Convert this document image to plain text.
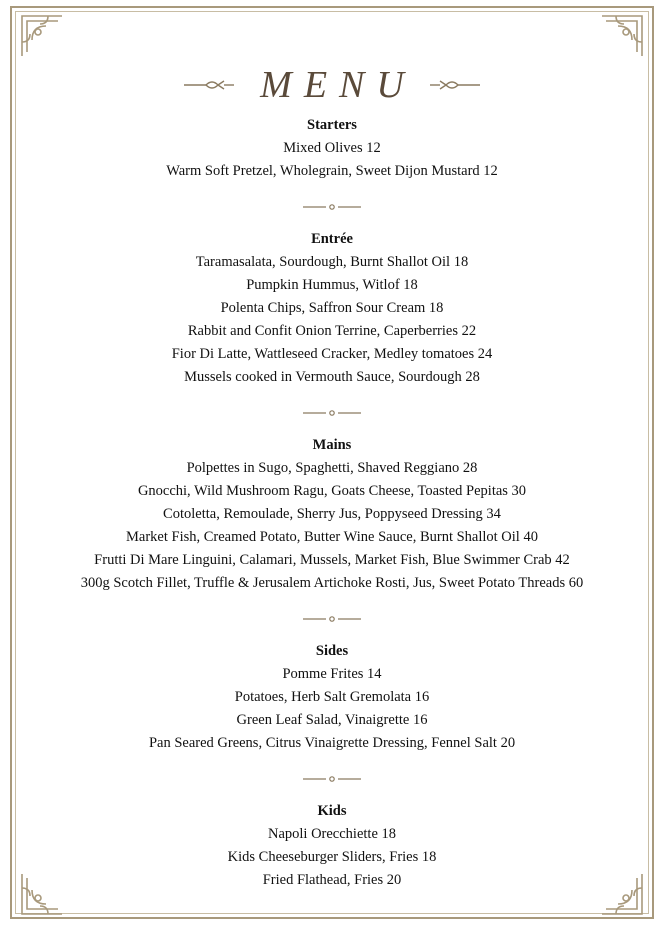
MENU
Starters
Mixed Olives 12
Warm Soft Pretzel, Wholegrain, Sweet Dijon Mustard 12
Entrée
Taramasalata, Sourdough, Burnt Shallot Oil 18
Pumpkin Hummus, Witlof 18
Polenta Chips, Saffron Sour Cream 18
Rabbit and Confit Onion Terrine, Caperberries 22
Fior Di Latte, Wattleseed Cracker, Medley tomatoes 24
Mussels cooked in Vermouth Sauce, Sourdough 28
Mains
Polpettes in Sugo, Spaghetti, Shaved Reggiano 28
Gnocchi, Wild Mushroom Ragu, Goats Cheese, Toasted Pepitas 30
Cotoletta, Remoulade, Sherry Jus, Poppyseed Dressing 34
Market Fish, Creamed Potato, Butter Wine Sauce, Burnt Shallot Oil 40
Frutti Di Mare Linguini, Calamari, Mussels, Market Fish, Blue Swimmer Crab 42
300g Scotch Fillet, Truffle & Jerusalem Artichoke Rosti, Jus, Sweet Potato Threads 60
Sides
Pomme Frites 14
Potatoes, Herb Salt Gremolata 16
Green Leaf Salad, Vinaigrette 16
Pan Seared Greens, Citrus Vinaigrette Dressing, Fennel Salt 20
Kids
Napoli Orecchiette 18
Kids Cheeseburger Sliders, Fries 18
Fried Flathead, Fries 20
